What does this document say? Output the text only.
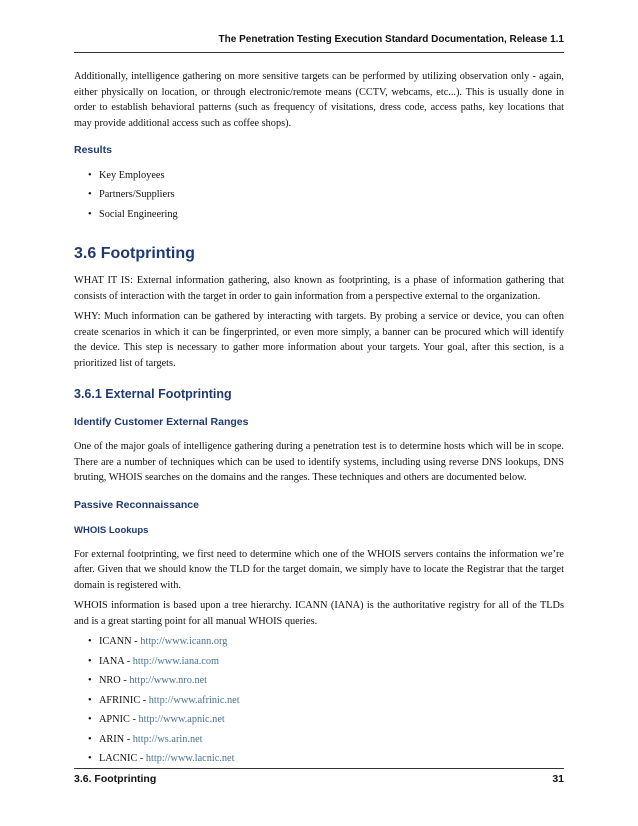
The Penetration Testing Execution Standard Documentation, Release 1.1

Additionally, intelligence gathering on more sensitive targets can be performed by utilizing observation only - again, either physically on location, or through electronic/remote means (CCTV, webcams, etc...). This is usually done in order to establish behavioral patterns (such as frequency of visitations, dress code, access paths, key locations that may provide additional access such as coffee shops).

Results
• Key Employees
• Partners/Suppliers
• Social Engineering
3.6 Footprinting

WHAT IT IS: External information gathering, also known as footprinting, is a phase of information gathering that consists of interaction with the target in order to gain information from a perspective external to the organization.

WHY: Much information can be gathered by interacting with targets. By probing a service or device, you can often create scenarios in which it can be fingerprinted, or even more simply, a banner can be procured which will identify the device. This step is necessary to gather more information about your targets. Your goal, after this section, is a prioritized list of targets.

3.6.1 External Footprinting
Identify Customer External Ranges

One of the major goals of intelligence gathering during a penetration test is to determine hosts which will be in scope. There are a number of techniques which can be used to identify systems, including using reverse DNS lookups, DNS bruting, WHOIS searches on the domains and the ranges. These techniques and others are documented below.

Passive Reconnaissance
WHOIS Lookups

For external footprinting, we first need to determine which one of the WHOIS servers contains the information we’re after. Given that we should know the TLD for the target domain, we simply have to locate the Registrar that the target domain is registered with.

WHOIS information is based upon a tree hierarchy. ICANN (IANA) is the authoritative registry for all of the TLDs and is a great starting point for all manual WHOIS queries.

• ICANN - http://www.icann.org
• IANA - http://www.iana.com
• NRO - http://www.nro.net
• AFRINIC - http://www.afrinic.net
• APNIC - http://www.apnic.net
• ARIN - http://ws.arin.net
• LACNIC - http://www.lacnic.net
3.6. Footprinting	31
